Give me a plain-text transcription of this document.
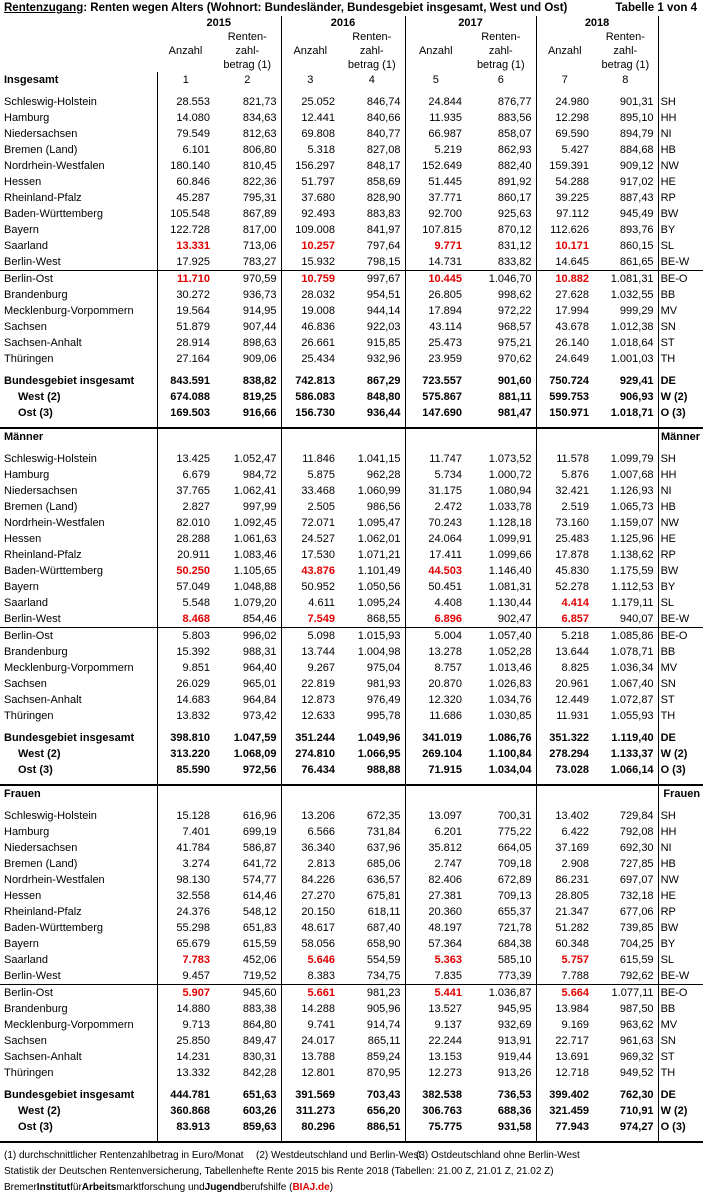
Rentenzugang: Renten wegen Alters (Wohnort: Bundesländer, Bundesgebiet insgesamt, West und Ost)	Tabelle 1 von 4
	2015		2016		2017		2018		
		Renten-		Renten-		Renten-		Renten-	
	Anzahl	zahl-	Anzahl	zahl-	Anzahl	zahl-	Anzahl	zahl-	
		betrag (1)		betrag (1)		betrag (1)		betrag (1)	
Insgesamt	1	2	3	4	5	6	7	8	

Schleswig-Holstein	28.553	821,73	25.052	846,74	24.844	876,77	24.980	901,31	SH
Hamburg	14.080	834,63	12.441	840,66	11.935	883,56	12.298	895,10	HH
Niedersachsen	79.549	812,63	69.808	840,77	66.987	858,07	69.590	894,79	NI
Bremen (Land)	6.101	806,80	5.318	827,08	5.219	862,93	5.427	884,68	HB
Nordrhein-Westfalen	180.140	810,45	156.297	848,17	152.649	882,40	159.391	909,12	NW
Hessen	60.846	822,36	51.797	858,69	51.445	891,92	54.288	917,02	HE
Rheinland-Pfalz	45.287	795,31	37.680	828,90	37.771	860,17	39.225	887,43	RP
Baden-Württemberg	105.548	867,89	92.493	883,83	92.700	925,63	97.112	945,49	BW
Bayern	122.728	817,00	109.008	841,97	107.815	870,12	112.626	893,76	BY
Saarland	13.331	713,06	10.257	797,64	9.771	831,12	10.171	860,15	SL
Berlin-West	17.925	783,27	15.932	798,15	14.731	833,82	14.645	861,65	BE-W
Berlin-Ost	11.710	970,59	10.759	997,67	10.445	1.046,70	10.882	1.081,31	BE-O
Brandenburg	30.272	936,73	28.032	954,51	26.805	998,62	27.628	1.032,55	BB
Mecklenburg-Vorpommern	19.564	914,95	19.008	944,14	17.894	972,22	17.994	999,29	MV
Sachsen	51.879	907,44	46.836	922,03	43.114	968,57	43.678	1.012,38	SN
Sachsen-Anhalt	28.914	898,63	26.661	915,85	25.473	975,21	26.140	1.018,64	ST
Thüringen	27.164	909,06	25.434	932,96	23.959	970,62	24.649	1.001,03	TH

Bundesgebiet insgesamt	843.591	838,82	742.813	867,29	723.557	901,60	750.724	929,41	DE
West (2)	674.088	819,25	586.083	848,80	575.867	881,11	599.753	906,93	W (2)
Ost (3)	169.503	916,66	156.730	936,44	147.690	981,47	150.971	1.018,71	O (3)

Männer									Männer

Schleswig-Holstein	13.425	1.052,47	11.846	1.041,15	11.747	1.073,52	11.578	1.099,79	SH
Hamburg	6.679	984,72	5.875	962,28	5.734	1.000,72	5.876	1.007,68	HH
Niedersachsen	37.765	1.062,41	33.468	1.060,99	31.175	1.080,94	32.421	1.126,93	NI
Bremen (Land)	2.827	997,99	2.505	986,56	2.472	1.033,78	2.519	1.065,73	HB
Nordrhein-Westfalen	82.010	1.092,45	72.071	1.095,47	70.243	1.128,18	73.160	1.159,07	NW
Hessen	28.288	1.061,63	24.527	1.062,01	24.064	1.099,91	25.483	1.125,96	HE
Rheinland-Pfalz	20.911	1.083,46	17.530	1.071,21	17.411	1.099,66	17.878	1.138,62	RP
Baden-Württemberg	50.250	1.105,65	43.876	1.101,49	44.503	1.146,40	45.830	1.175,59	BW
Bayern	57.049	1.048,88	50.952	1.050,56	50.451	1.081,31	52.278	1.112,53	BY
Saarland	5.548	1.079,20	4.611	1.095,24	4.408	1.130,44	4.414	1.179,11	SL
Berlin-West	8.468	854,46	7.549	868,55	6.896	902,47	6.857	940,07	BE-W
Berlin-Ost	5.803	996,02	5.098	1.015,93	5.004	1.057,40	5.218	1.085,86	BE-O
Brandenburg	15.392	988,31	13.744	1.004,98	13.278	1.052,28	13.644	1.078,71	BB
Mecklenburg-Vorpommern	9.851	964,40	9.267	975,04	8.757	1.013,46	8.825	1.036,34	MV
Sachsen	26.029	965,01	22.819	981,93	20.870	1.026,83	20.961	1.067,40	SN
Sachsen-Anhalt	14.683	964,84	12.873	976,49	12.320	1.034,76	12.449	1.072,87	ST
Thüringen	13.832	973,42	12.633	995,78	11.686	1.030,85	11.931	1.055,93	TH

Bundesgebiet insgesamt	398.810	1.047,59	351.244	1.049,96	341.019	1.086,76	351.322	1.119,40	DE
West (2)	313.220	1.068,09	274.810	1.066,95	269.104	1.100,84	278.294	1.133,37	W (2)
Ost (3)	85.590	972,56	76.434	988,88	71.915	1.034,04	73.028	1.066,14	O (3)

Frauen									Frauen

Schleswig-Holstein	15.128	616,96	13.206	672,35	13.097	700,31	13.402	729,84	SH
Hamburg	7.401	699,19	6.566	731,84	6.201	775,22	6.422	792,08	HH
Niedersachsen	41.784	586,87	36.340	637,96	35.812	664,05	37.169	692,30	NI
Bremen (Land)	3.274	641,72	2.813	685,06	2.747	709,18	2.908	727,85	HB
Nordrhein-Westfalen	98.130	574,77	84.226	636,57	82.406	672,89	86.231	697,07	NW
Hessen	32.558	614,46	27.270	675,81	27.381	709,13	28.805	732,18	HE
Rheinland-Pfalz	24.376	548,12	20.150	618,11	20.360	655,37	21.347	677,06	RP
Baden-Württemberg	55.298	651,83	48.617	687,40	48.197	721,78	51.282	739,85	BW
Bayern	65.679	615,59	58.056	658,90	57.364	684,38	60.348	704,25	BY
Saarland	7.783	452,06	5.646	554,59	5.363	585,10	5.757	615,59	SL
Berlin-West	9.457	719,52	8.383	734,75	7.835	773,39	7.788	792,62	BE-W
Berlin-Ost	5.907	945,60	5.661	981,23	5.441	1.036,87	5.664	1.077,11	BE-O
Brandenburg	14.880	883,38	14.288	905,96	13.527	945,95	13.984	987,50	BB
Mecklenburg-Vorpommern	9.713	864,80	9.741	914,74	9.137	932,69	9.169	963,62	MV
Sachsen	25.850	849,47	24.017	865,11	22.244	913,91	22.717	961,63	SN
Sachsen-Anhalt	14.231	830,31	13.788	859,24	13.153	919,44	13.691	969,32	ST
Thüringen	13.332	842,28	12.801	870,95	12.273	913,26	12.718	949,52	TH

Bundesgebiet insgesamt	444.781	651,63	391.569	703,43	382.538	736,53	399.402	762,30	DE
West (2)	360.868	603,26	311.273	656,20	306.763	688,36	321.459	710,91	W (2)
Ost (3)	83.913	859,63	80.296	886,51	75.775	931,58	77.943	974,27	O (3)

(1) durchschnittlicher Rentenzahlbetrag in Euro/Monat (2) Westdeutschland und Berlin-West(3) Ostdeutschland ohne Berlin-West
Statistik der Deutschen Rentenversicherung, Tabellenhefte Rente 2015 bis Rente 2018 (Tabellen: 21.00 Z, 21.01 Z, 21.02 Z)
BremerInstitutfürArbeitsmarktforschung undJugendberufshilfe (BIAJ.de)
